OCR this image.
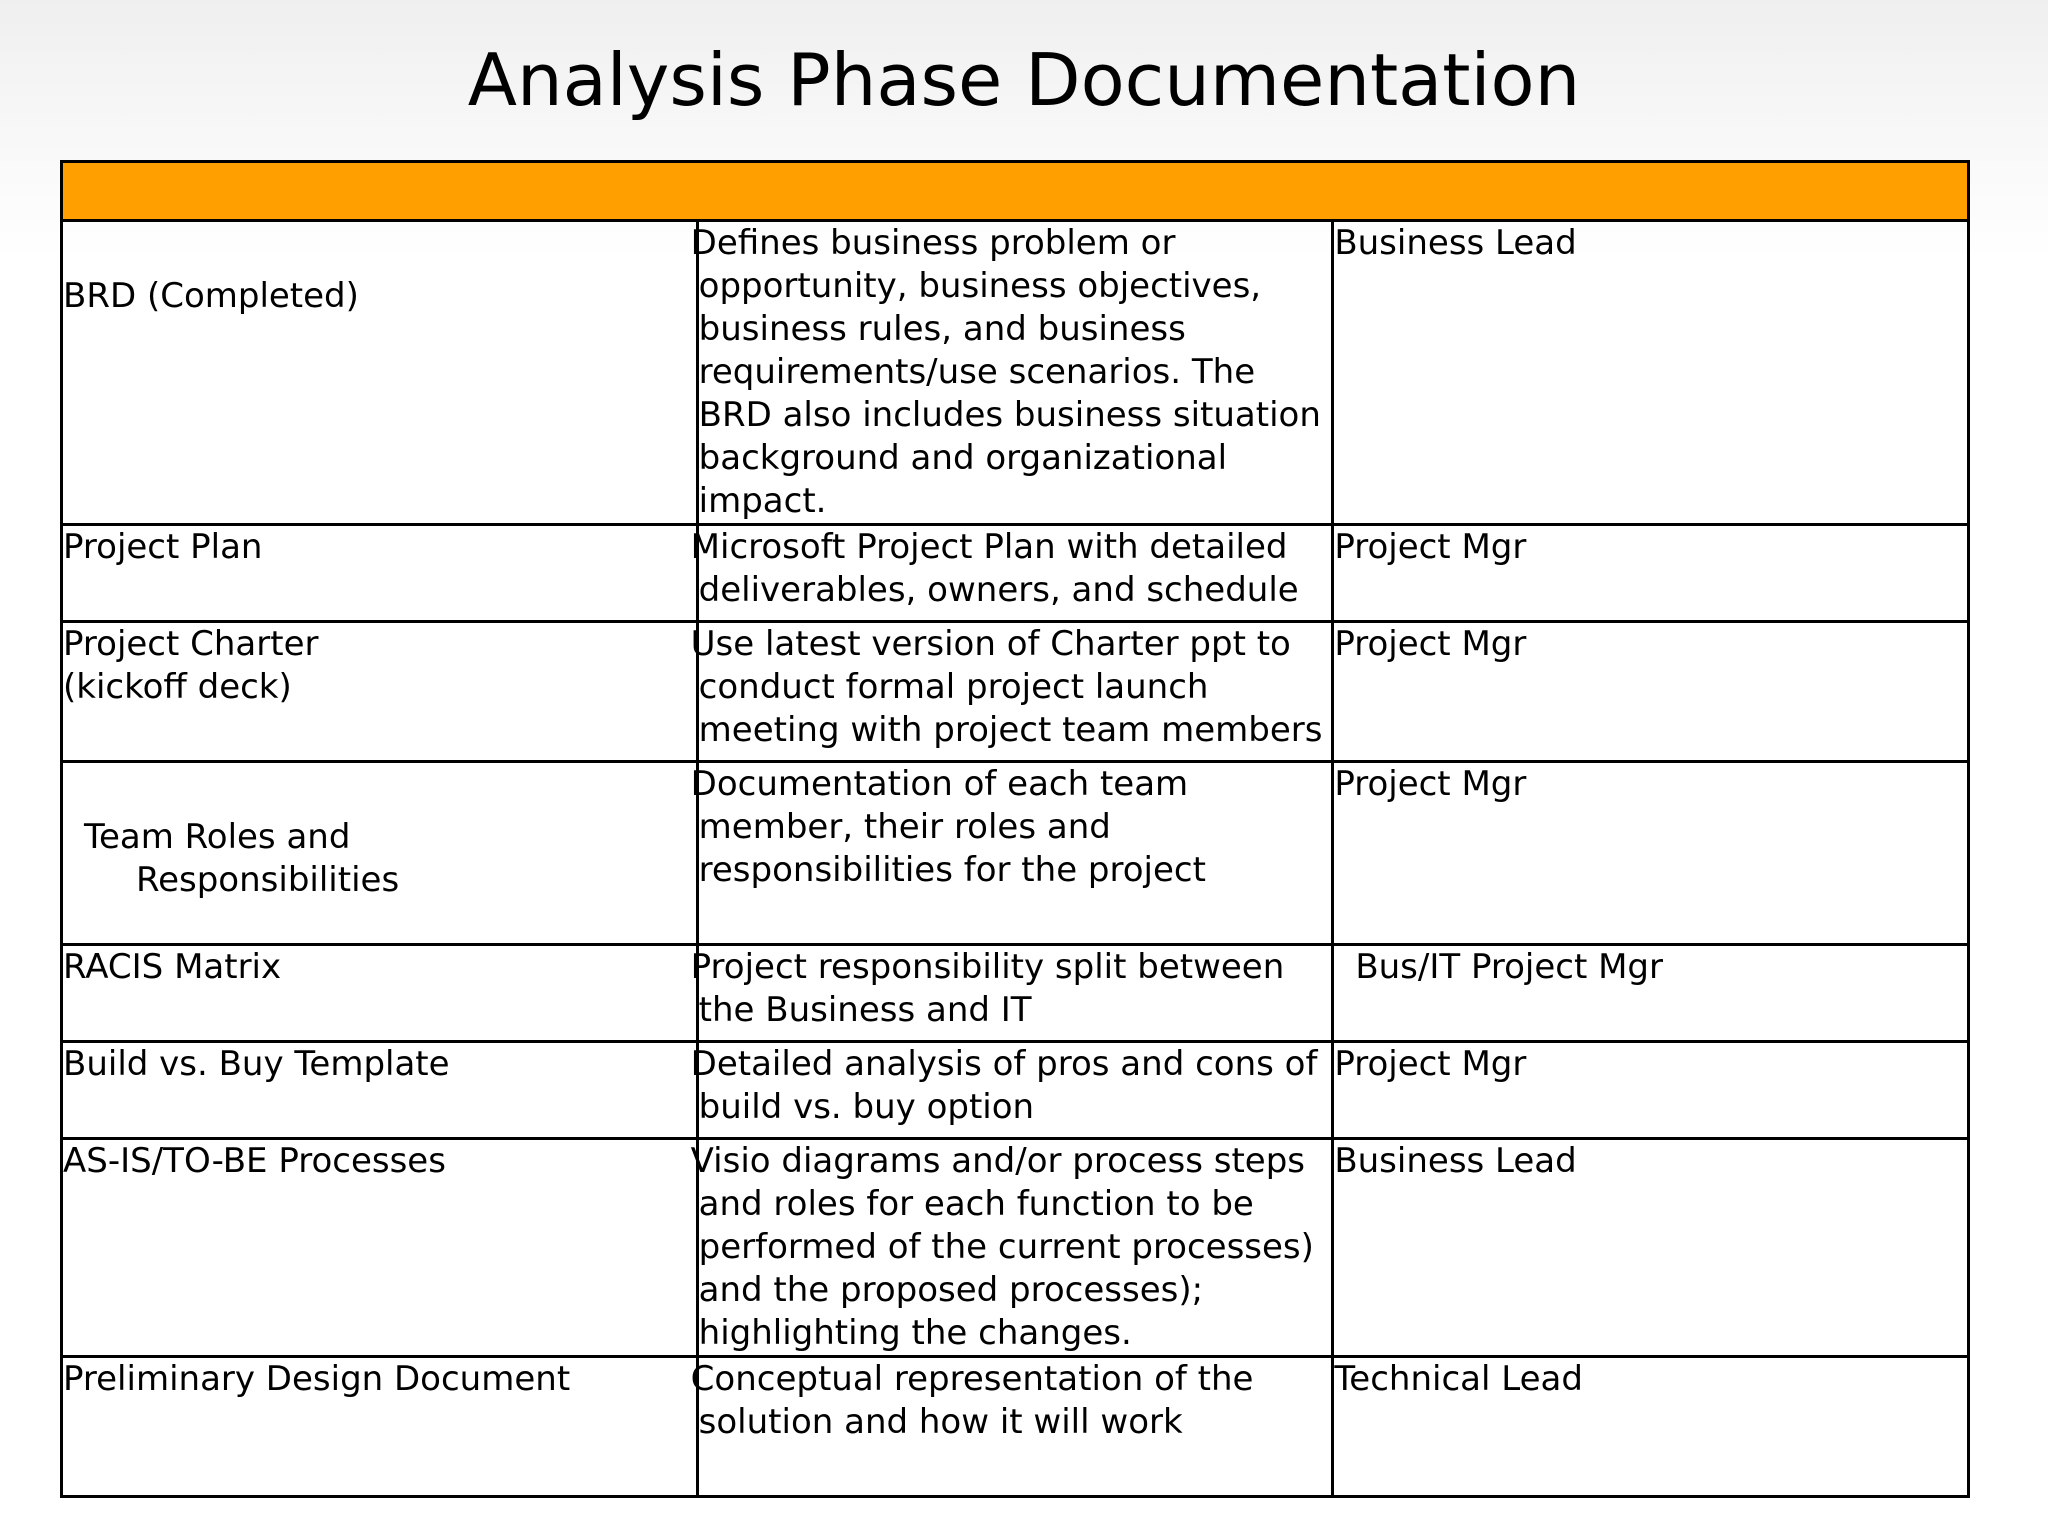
Analysis Phase Documentation

BRD (Completed)	Defines business problem or opportunity, business objectives, business rules, and business requirements/use scenarios. The BRD also includes business situation background and organizational impact.	Business Lead
Project Plan	Microsoft Project Plan with detailed deliverables, owners, and schedule	Project Mgr
Project Charter (kickoff deck)	Use latest version of Charter ppt to conduct formal project launch meeting with project team members	Project Mgr
Team Roles and Responsibilities	Documentation of each team member, their roles and responsibilities for the project	Project Mgr
RACIS Matrix	Project responsibility split between the Business and IT	Bus/IT Project Mgr
Build vs. Buy Template	Detailed analysis of pros and cons of build vs. buy option	Project Mgr
AS-IS/TO-BE Processes	Visio diagrams and/or process steps and roles for each function to be performed of the current processes) and the proposed processes); highlighting the changes.	Business Lead
Preliminary Design Document	Conceptual representation of the solution and how it will work	Technical Lead
